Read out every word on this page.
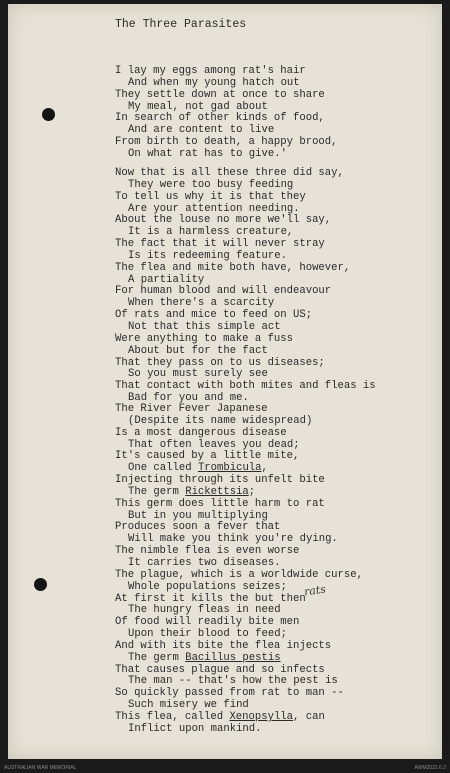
· · · ·
The Three Parasites
I lay my eggs among rat's hair
And when my young hatch out
They settle down at once to share
My meal, not gad about
In search of other kinds of food,
And are content to live
From birth to death, a happy brood,
On what rat has to give.'
Now that is all these three did say,
They were too busy feeding
To tell us why it is that they
Are your attention needing.
About the louse no more we'll say,
It is a harmless creature,
The fact that it will never stray
Is its redeeming feature.
The flea and mite both have, however,
A partiality
For human blood and will endeavour
When there's a scarcity
Of rats and mice to feed on US;
Not that this simple act
Were anything to make a fuss
About but for the fact
That they pass on to us diseases;
So you must surely see
That contact with both mites and fleas is
Bad for you and me.
The River Fever Japanese
(Despite its name widespread)
Is a most dangerous disease
That often leaves you dead;
It's caused by a little mite,
One called Trombicula,
Injecting through its unfelt bite
The germ Rickettsia;
This germ does little harm to rat
But in you multiplying
Produces soon a fever that
Will make you think you're dying.
The nimble flea is even worse
It carries two diseases.
The plague, which is a worldwide curse,
Whole populations seizes;
At first it kills the but then
The hungry fleas in need
Of food will readily bite men
Upon their blood to feed;
And with its bite the flea injects
The germ Bacillus pestis
That causes plague and so infects
The man -- that's how the pest is
So quickly passed from rat to man --
Such misery we find
This flea, called Xenopsylla, can
Inflict upon mankind.
rats
AUSTRALIAN WAR MEMORIAL	AWM2022.6.2
